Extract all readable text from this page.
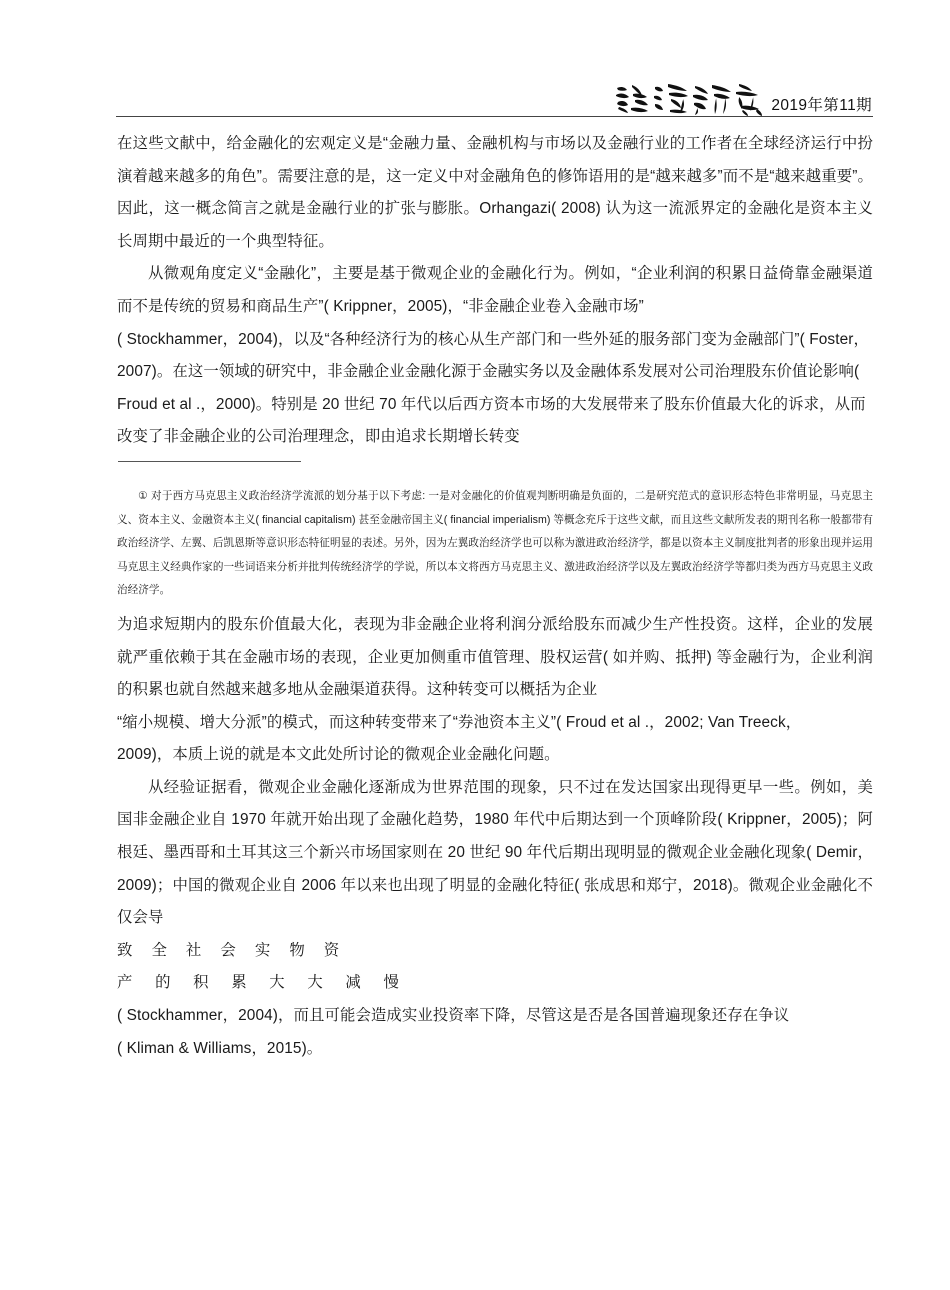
2019年第11期

在这些文献中，给金融化的宏观定义是“金融力量、金融机构与市场以及金融行业的工作者在全球经济运行中扮演着越来越多的角色”。需要注意的是，这一定义中对金融角色的修饰语用的是“越来越多”而不是“越来越重要”。因此，这一概念简言之就是金融行业的扩张与膨胀。Orhangazi( 2008) 认为这一流派界定的金融化是资本主义长周期中最近的一个典型特征。

从微观角度定义“金融化”，主要是基于微观企业的金融化行为。例如，“企业利润的积累日益倚靠金融渠道而不是传统的贸易和商品生产”( Krippner，2005)，“非金融企业卷入金融市场”

( Stockhammer，2004)，以及“各种经济行为的核心从生产部门和一些外延的服务部门变为金融部门”( Foster，2007)。在这一领域的研究中，非金融企业金融化源于金融实务以及金融体系发展对公司治理股东价值论影响( Froud et al .，2000)。特别是 20 世纪 70 年代以后西方资本市场的大发展带来了股东价值最大化的诉求，从而改变了非金融企业的公司治理理念，即由追求长期增长转变

① 对于西方马克思主义政治经济学流派的划分基于以下考虑: 一是对金融化的价值观判断明确是负面的，二是研究范式的意识形态特色非常明显，马克思主义、资本主义、金融资本主义( financial capitalism) 甚至金融帝国主义( financial imperialism) 等概念充斥于这些文献，而且这些文献所发表的期刊名称一般都带有政治经济学、左翼、后凯恩斯等意识形态特征明显的表述。另外，因为左翼政治经济学也可以称为激进政治经济学，都是以资本主义制度批判者的形象出现并运用马克思主义经典作家的一些词语来分析并批判传统经济学的学说，所以本文将西方马克思主义、激进政治经济学以及左翼政治经济学等都归类为西方马克思主义政治经济学。

为追求短期内的股东价值最大化，表现为非金融企业将利润分派给股东而减少生产性投资。这样，企业的发展就严重依赖于其在金融市场的表现，企业更加侧重市值管理、股权运营( 如并购、抵押) 等金融行为，企业利润的积累也就自然越来越多地从金融渠道获得。这种转变可以概括为企业

“缩小规模、增大分派”的模式，而这种转变带来了“券池资本主义”( Froud et al .，2002; Van Treeck，

2009)，本质上说的就是本文此处所讨论的微观企业金融化问题。

从经验证据看，微观企业金融化逐渐成为世界范围的现象，只不过在发达国家出现得更早一些。例如，美国非金融企业自 1970 年就开始出现了金融化趋势，1980 年代中后期达到一个顶峰阶段( Krippner，2005)；阿根廷、墨西哥和土耳其这三个新兴市场国家则在 20 世纪 90 年代后期出现明显的微观企业金融化现象( Demir，2009)；中国的微观企业自 2006 年以来也出现了明显的金融化特征( 张成思和郑宁，2018)。微观企业金融化不仅会导

致 全 社 会 实 物 资

产 的 积 累 大 大 减 慢

( Stockhammer，2004)，而且可能会造成实业投资率下降，尽管这是否是各国普遍现象还存在争议

( Kliman & Williams，2015)。
